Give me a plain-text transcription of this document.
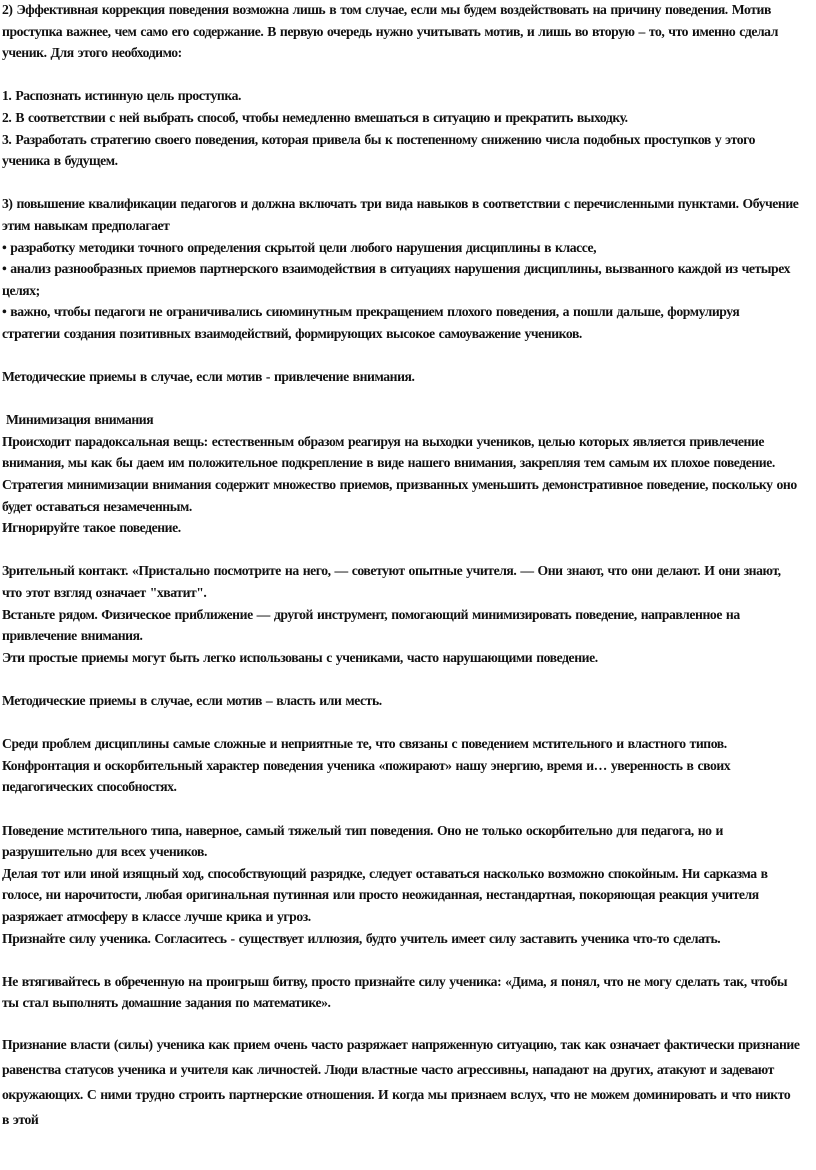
2) Эффективная коррекция поведения возможна лишь в том случае, если мы будем воздействовать на причину поведения. Мотив проступка важнее, чем само его содержание. В первую очередь нужно учитывать мотив, и лишь во вторую – то, что именно сделал ученик. Для этого необходимо:

1. Распознать истинную цель проступка.

2. В соответствии с ней выбрать способ, чтобы немедленно вмешаться в ситуацию и прекратить выходку.

3. Разработать стратегию своего поведения, которая привела бы к постепенному снижению числа подобных проступков у этого ученика в будущем.

3) повышение квалификации педагогов и должна включать три вида навыков в соответствии с перечисленными пунктами. Обучение этим навыкам предполагает

• разработку методики точного определения скрытой цели любого нарушения дисциплины в классе,

• анализ разнообразных приемов партнерского взаимодействия в ситуациях нарушения дисциплины, вызванного каждой из четырех целях;

• важно, чтобы педагоги не ограничивались сиюминутным прекращением плохого поведения, а пошли дальше, формулируя стратегии создания позитивных взаимодействий, формирующих высокое самоуважение учеников.

Методические приемы в случае, если мотив - привлечение внимания.

Минимизация внимания

Происходит парадоксальная вещь: естественным образом реагируя на выходки учеников, целью которых является привлечение внимания, мы как бы даем им положительное подкрепление в виде нашего внимания, закрепляя тем самым их плохое поведение. Стратегия минимизации внимания содержит множество приемов, призванных уменьшить демонстративное поведение, поскольку оно будет оставаться незамеченным.

Игнорируйте такое поведение.

Зрительный контакт. «Пристально посмотрите на него, — советуют опытные учителя. — Они знают, что они делают. И они знают, что этот взгляд означает "хватит".

Встаньте рядом. Физическое приближение — другой инструмент, помогающий минимизировать поведение, направленное на привлечение внимания.

Эти простые приемы могут быть легко использованы с учениками, часто нарушающими поведение.

Методические приемы в случае, если мотив – власть или месть.

Среди проблем дисциплины самые сложные и неприятные те, что связаны с поведением мстительного и властного типов. Конфронтация и оскорбительный характер поведения ученика «пожирают» нашу энергию, время и… уверенность в своих педагогических способностях.

Поведение мстительного типа, наверное, самый тяжелый тип поведения. Оно не только оскорбительно для педагога, но и разрушительно для всех учеников.

Делая тот или иной изящный ход, способствующий разрядке, следует оставаться насколько возможно спокойным. Ни сарказма в голосе, ни нарочитости, любая оригинальная путинная или просто неожиданная, нестандартная, покоряющая реакция учителя разряжает атмосферу в классе лучше крика и угроз.

Признайте силу ученика. Согласитесь - существует иллюзия, будто учитель имеет силу заставить ученика что-то сделать.

Не втягивайтесь в обреченную на проигрыш битву, просто признайте силу ученика: «Дима, я понял, что не могу сделать так, чтобы ты стал выполнять домашние задания по математике».

Признание власти (силы) ученика как прием очень часто разряжает напряженную ситуацию, так как означает фактически признание равенства статусов ученика и учителя как личностей. Люди властные часто агрессивны, нападают на других, атакуют и задевают окружающих. С ними трудно строить партнерские отношения. И когда мы признаем вслух, что не можем доминировать и что никто в этой
